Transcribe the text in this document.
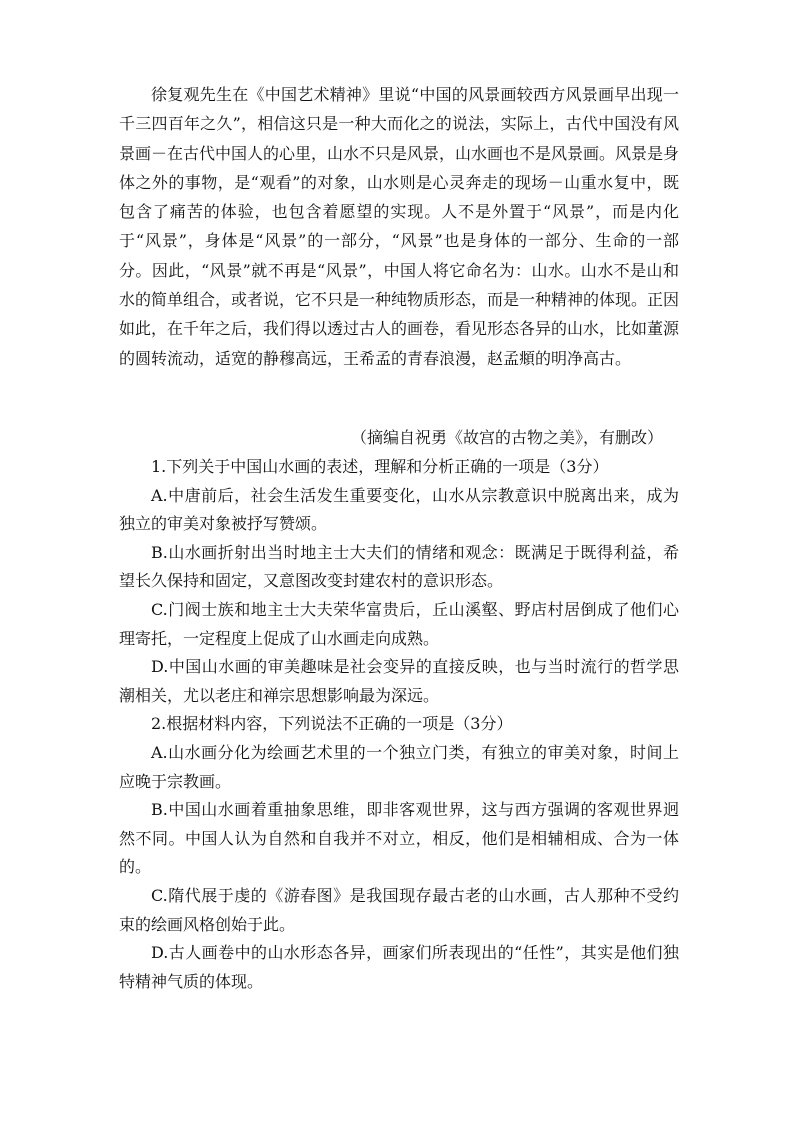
徐复观先生在《中国艺术精神》里说“中国的风景画较西方风景画早出现一千三四百年之久”，相信这只是一种大而化之的说法，实际上，古代中国没有风景画－在古代中国人的心里，山水不只是风景，山水画也不是风景画。风景是身体之外的事物，是“观看”的对象，山水则是心灵奔走的现场－山重水复中，既包含了痛苦的体验，也包含着愿望的实现。人不是外置于“风景”，而是内化于“风景”，身体是“风景”的一部分，“风景”也是身体的一部分、生命的一部分。因此，“风景”就不再是“风景”，中国人将它命名为：山水。山水不是山和水的简单组合，或者说，它不只是一种纯物质形态，而是一种精神的体现。正因如此，在千年之后，我们得以透过古人的画卷，看见形态各异的山水，比如董源的圆转流动，适宽的静穆高远，王希孟的青春浪漫，赵孟頫的明净高古。

（摘编自祝勇《故宫的古物之美》，有删改）

1.下列关于中国山水画的表述，理解和分析正确的一项是（3分）

A.中唐前后，社会生活发生重要变化，山水从宗教意识中脱离出来，成为独立的审美对象被抒写赞颂。

B.山水画折射出当时地主士大夫们的情绪和观念：既满足于既得利益，希望长久保持和固定，又意图改变封建农村的意识形态。

C.门阀士族和地主士大夫荣华富贵后，丘山溪壑、野店村居倒成了他们心理寄托，一定程度上促成了山水画走向成熟。

D.中国山水画的审美趣味是社会变异的直接反映，也与当时流行的哲学思潮相关，尤以老庄和禅宗思想影响最为深远。

2.根据材料内容，下列说法不正确的一项是（3分）

A.山水画分化为绘画艺术里的一个独立门类，有独立的审美对象，时间上应晚于宗教画。

B.中国山水画着重抽象思维，即非客观世界，这与西方强调的客观世界迥然不同。中国人认为自然和自我并不对立，相反，他们是相辅相成、合为一体的。

C.隋代展于虔的《游春图》是我国现存最古老的山水画，古人那种不受约束的绘画风格创始于此。

D.古人画卷中的山水形态各异，画家们所表现出的“任性”，其实是他们独特精神气质的体现。
